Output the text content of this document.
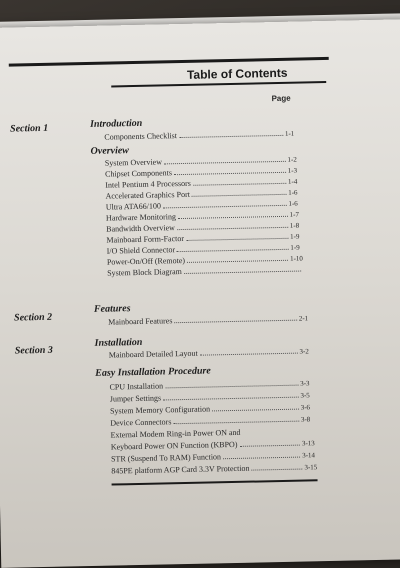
Table of Contents
Page
Section 1	Introduction
Components Checklist	1-1
Overview
System Overview	1-2
Chipset Components	1-3
Intel Pentium 4 Processors	1-4
Accelerated Graphics Port	1-6
Ultra ATA66/100	1-6
Hardware Monitoring	1-7
Bandwidth Overview	1-8
Mainboard Form-Factor	1-9
I/O Shield Connector	1-9
Power-On/Off (Remote)	1-10
System Block Diagram
Section 2
Features
Mainboard Features	2-1
Section 3
Installation
Mainboard Detailed Layout	3-2
Easy Installation Procedure
CPU Installation	3-3
Jumper Settings	3-5
System Memory Configuration	3-6
Device Connectors	3-8
External Modem Ring-in Power ON and
Keyboard Power ON Function (KBPO)	3-13
STR (Suspend To RAM) Function	3-14
845PE platform AGP Card 3.3V Protection	3-15
